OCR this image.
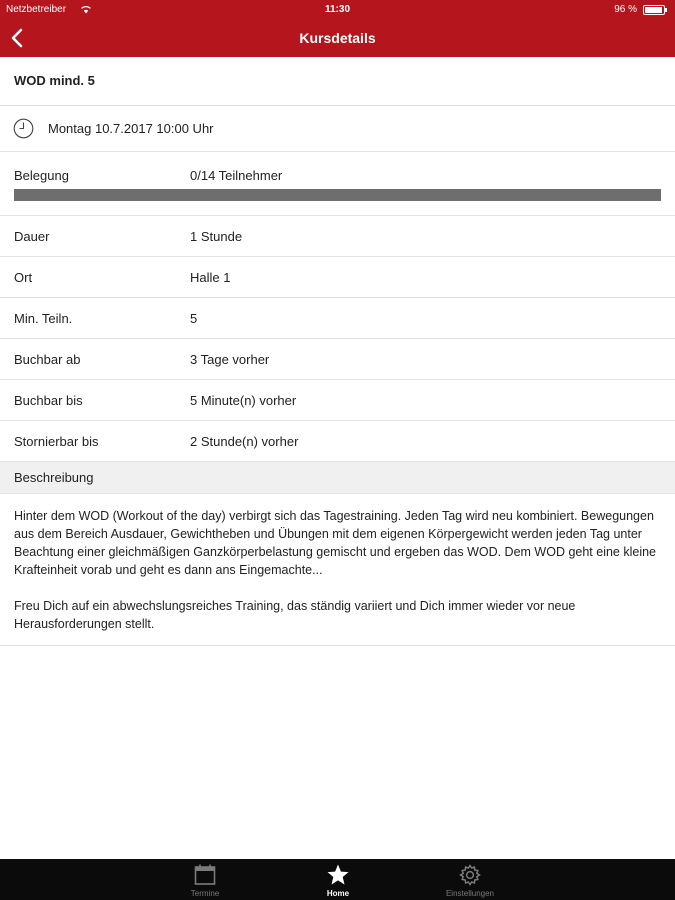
Netzbetreiber	11:30	96 %
Kursdetails
WOD mind. 5
Montag 10.7.2017 10:00 Uhr
Belegung	0/14 Teilnehmer
Dauer	1 Stunde
Ort	Halle 1
Min. Teiln.	5
Buchbar ab	3 Tage vorher
Buchbar bis	5 Minute(n) vorher
Stornierbar bis	2 Stunde(n) vorher
Beschreibung

Hinter dem WOD (Workout of the day) verbirgt sich das Tagestraining. Jeden Tag wird neu kombiniert. Bewegungen aus dem Bereich Ausdauer, Gewichtheben und Übungen mit dem eigenen Körpergewicht werden jeden Tag unter Beachtung einer gleichmäßigen Ganzkörperbelastung gemischt und ergeben das WOD. Dem WOD geht eine kleine Krafteinheit vorab und geht es dann ans Eingemachte...

Freu Dich auf ein abwechslungsreiches Training, das ständig variiert und Dich immer wieder vor neue Herausforderungen stellt.

Termine	Home	Einstellungen
